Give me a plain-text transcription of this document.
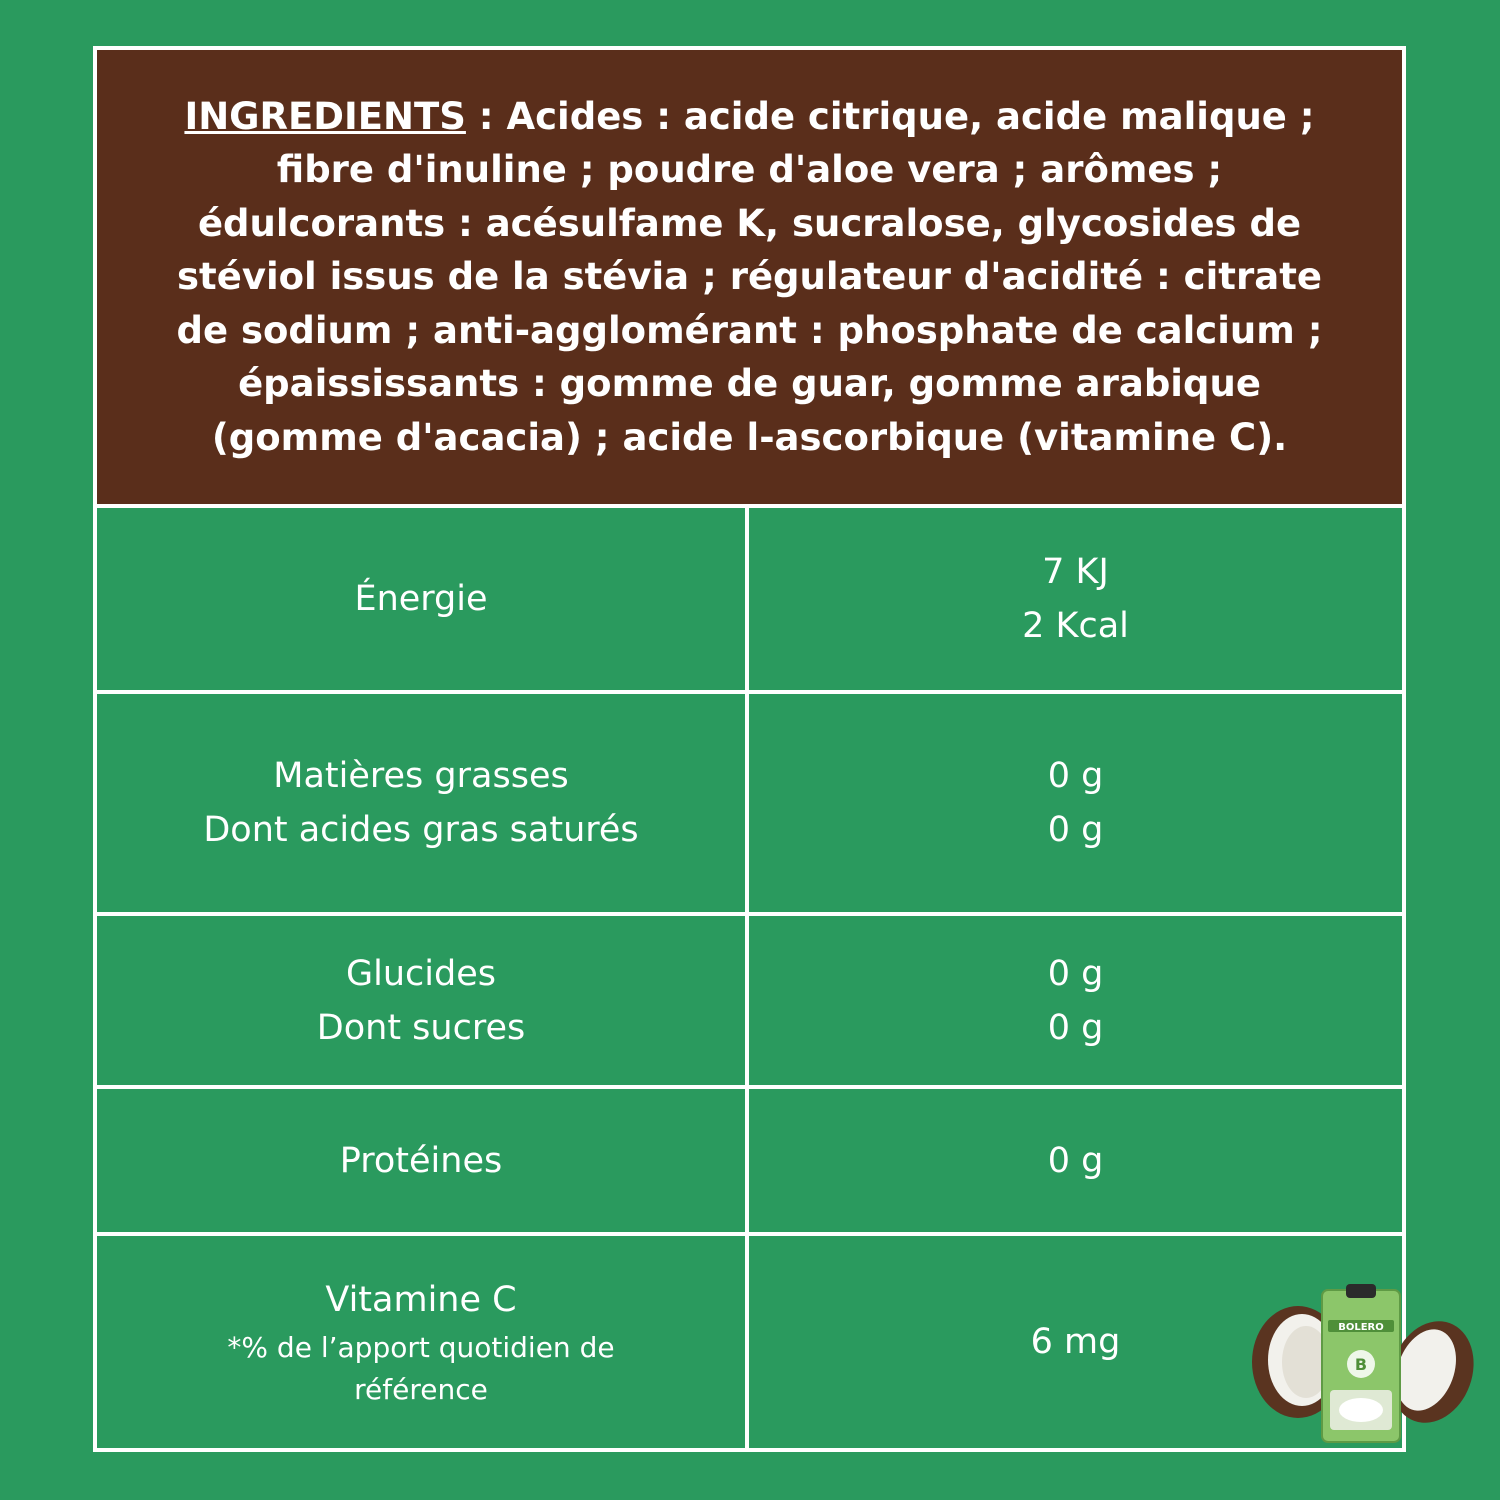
INGREDIENTS : Acides : acide citrique, acide malique ; fibre d'inuline ; poudre d'aloe vera ; arômes ; édulcorants : acésulfame K, sucralose, glycosides de stéviol issus de la stévia ; régulateur d'acidité : citrate de sodium ; anti-agglomérant : phosphate de calcium ; épaississants : gomme de guar, gomme arabique (gomme d'acacia) ; acide l-ascorbique (vitamine C).

Énergie
7 KJ
2 Kcal
Matières grasses
Dont acides gras saturés
0 g
0 g
Glucides
Dont sucres
0 g
0 g
Protéines	0 g
Vitamine C
*% de l’apport quotidien de référence
6 mg	BOLERO
B
